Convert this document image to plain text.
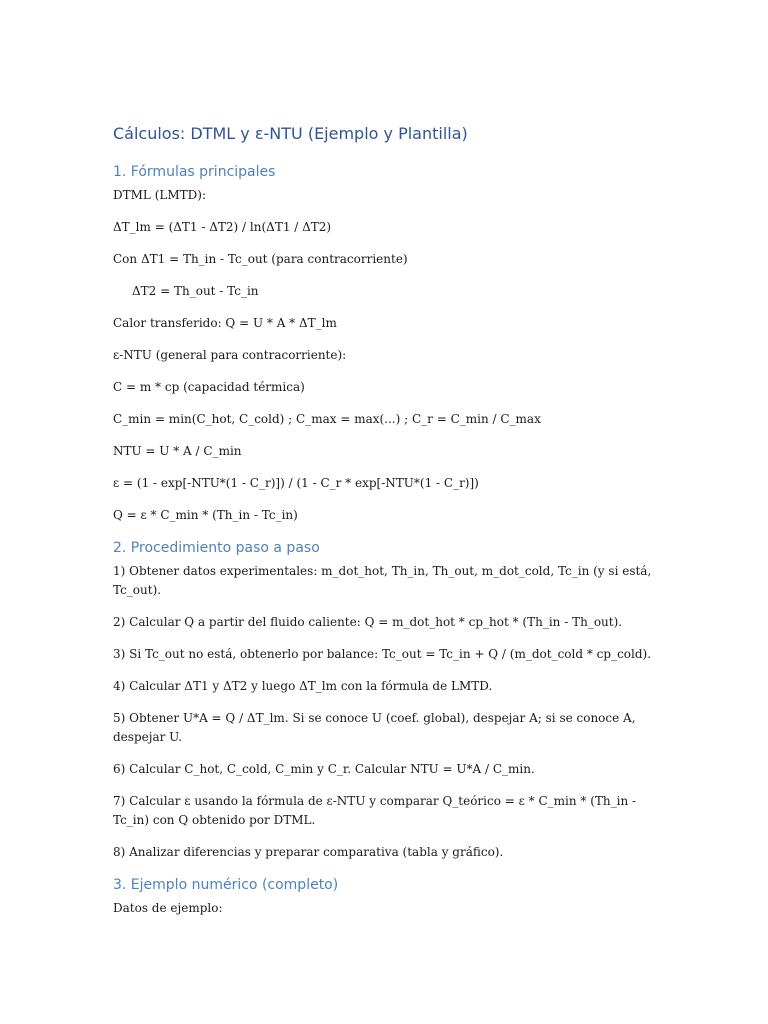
Cálculos: DTML y ε-NTU (Ejemplo y Plantilla)
1. Fórmulas principales

DTML (LMTD):

ΔT_lm = (ΔT1 - ΔT2) / ln(ΔT1 / ΔT2)

Con ΔT1 = Th_in - Tc_out (para contracorriente)

ΔT2 = Th_out - Tc_in

Calor transferido: Q = U * A * ΔT_lm

ε-NTU (general para contracorriente):

C = m * cp (capacidad térmica)

C_min = min(C_hot, C_cold) ; C_max = max(...) ; C_r = C_min / C_max

NTU = U * A / C_min

ε = (1 - exp[-NTU*(1 - C_r)]) / (1 - C_r * exp[-NTU*(1 - C_r)])

Q = ε * C_min * (Th_in - Tc_in)

2. Procedimiento paso a paso

1) Obtener datos experimentales: m_dot_hot, Th_in, Th_out, m_dot_cold, Tc_in (y si está, Tc_out).

2) Calcular Q a partir del fluido caliente: Q = m_dot_hot * cp_hot * (Th_in - Th_out).

3) Si Tc_out no está, obtenerlo por balance: Tc_out = Tc_in + Q / (m_dot_cold * cp_cold).

4) Calcular ΔT1 y ΔT2 y luego ΔT_lm con la fórmula de LMTD.

5) Obtener U*A = Q / ΔT_lm. Si se conoce U (coef. global), despejar A; si se conoce A, despejar U.

6) Calcular C_hot, C_cold, C_min y C_r. Calcular NTU = U*A / C_min.

7) Calcular ε usando la fórmula de ε-NTU y comparar Q_teórico = ε * C_min * (Th_in - Tc_in) con Q obtenido por DTML.

8) Analizar diferencias y preparar comparativa (tabla y gráfico).

3. Ejemplo numérico (completo)

Datos de ejemplo:
